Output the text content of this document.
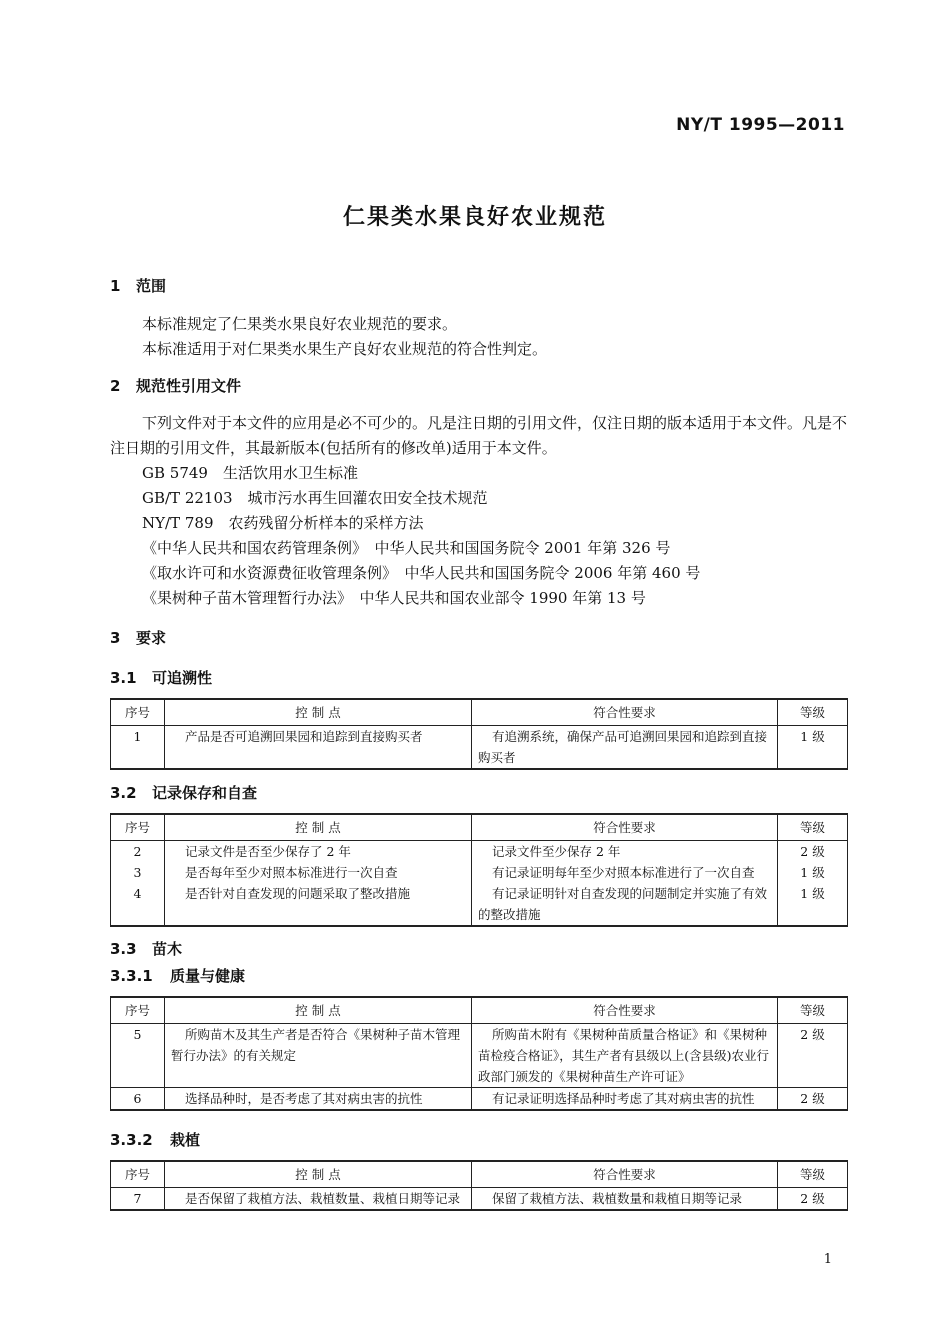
NY/T 1995—2011
仁果类水果良好农业规范
1 范围
本标准规定了仁果类水果良好农业规范的要求。
本标准适用于对仁果类水果生产良好农业规范的符合性判定。
2 规范性引用文件
下列文件对于本文件的应用是必不可少的。凡是注日期的引用文件，仅注日期的版本适用于本文件。凡是不注日期的引用文件，其最新版本(包括所有的修改单)适用于本文件。
GB 5749　生活饮用水卫生标准
GB/T 22103　城市污水再生回灌农田安全技术规范
NY/T 789　农药残留分析样本的采样方法
《中华人民共和国农药管理条例》　中华人民共和国国务院令 2001 年第 326 号
《取水许可和水资源费征收管理条例》　中华人民共和国国务院令 2006 年第 460 号
《果树种子苗木管理暂行办法》　中华人民共和国农业部令 1990 年第 13 号
3 要求
3.1 可追溯性
序号	控 制 点	符合性要求	等级
1	产品是否可追溯回果园和追踪到直接购买者	有追溯系统，确保产品可追溯回果园和追踪到直接购买者	1 级
3.2 记录保存和自查
序号	控 制 点	符合性要求	等级
2	记录文件是否至少保存了 2 年	记录文件至少保存 2 年	2 级
3	是否每年至少对照本标准进行一次自查	有记录证明每年至少对照本标准进行了一次自查	1 级
4	是否针对自查发现的问题采取了整改措施	有记录证明针对自查发现的问题制定并实施了有效的整改措施	1 级
3.3 苗木
3.3.1 质量与健康
序号	控 制 点	符合性要求	等级
5	所购苗木及其生产者是否符合《果树种子苗木管理暂行办法》的有关规定	所购苗木附有《果树种苗质量合格证》和《果树种苗检疫合格证》，其生产者有县级以上(含县级)农业行政部门颁发的《果树种苗生产许可证》	2 级
6	选择品种时，是否考虑了其对病虫害的抗性	有记录证明选择品种时考虑了其对病虫害的抗性	2 级
3.3.2 栽植
序号	控 制 点	符合性要求	等级
7	是否保留了栽植方法、栽植数量、栽植日期等记录	保留了栽植方法、栽植数量和栽植日期等记录	2 级
1
